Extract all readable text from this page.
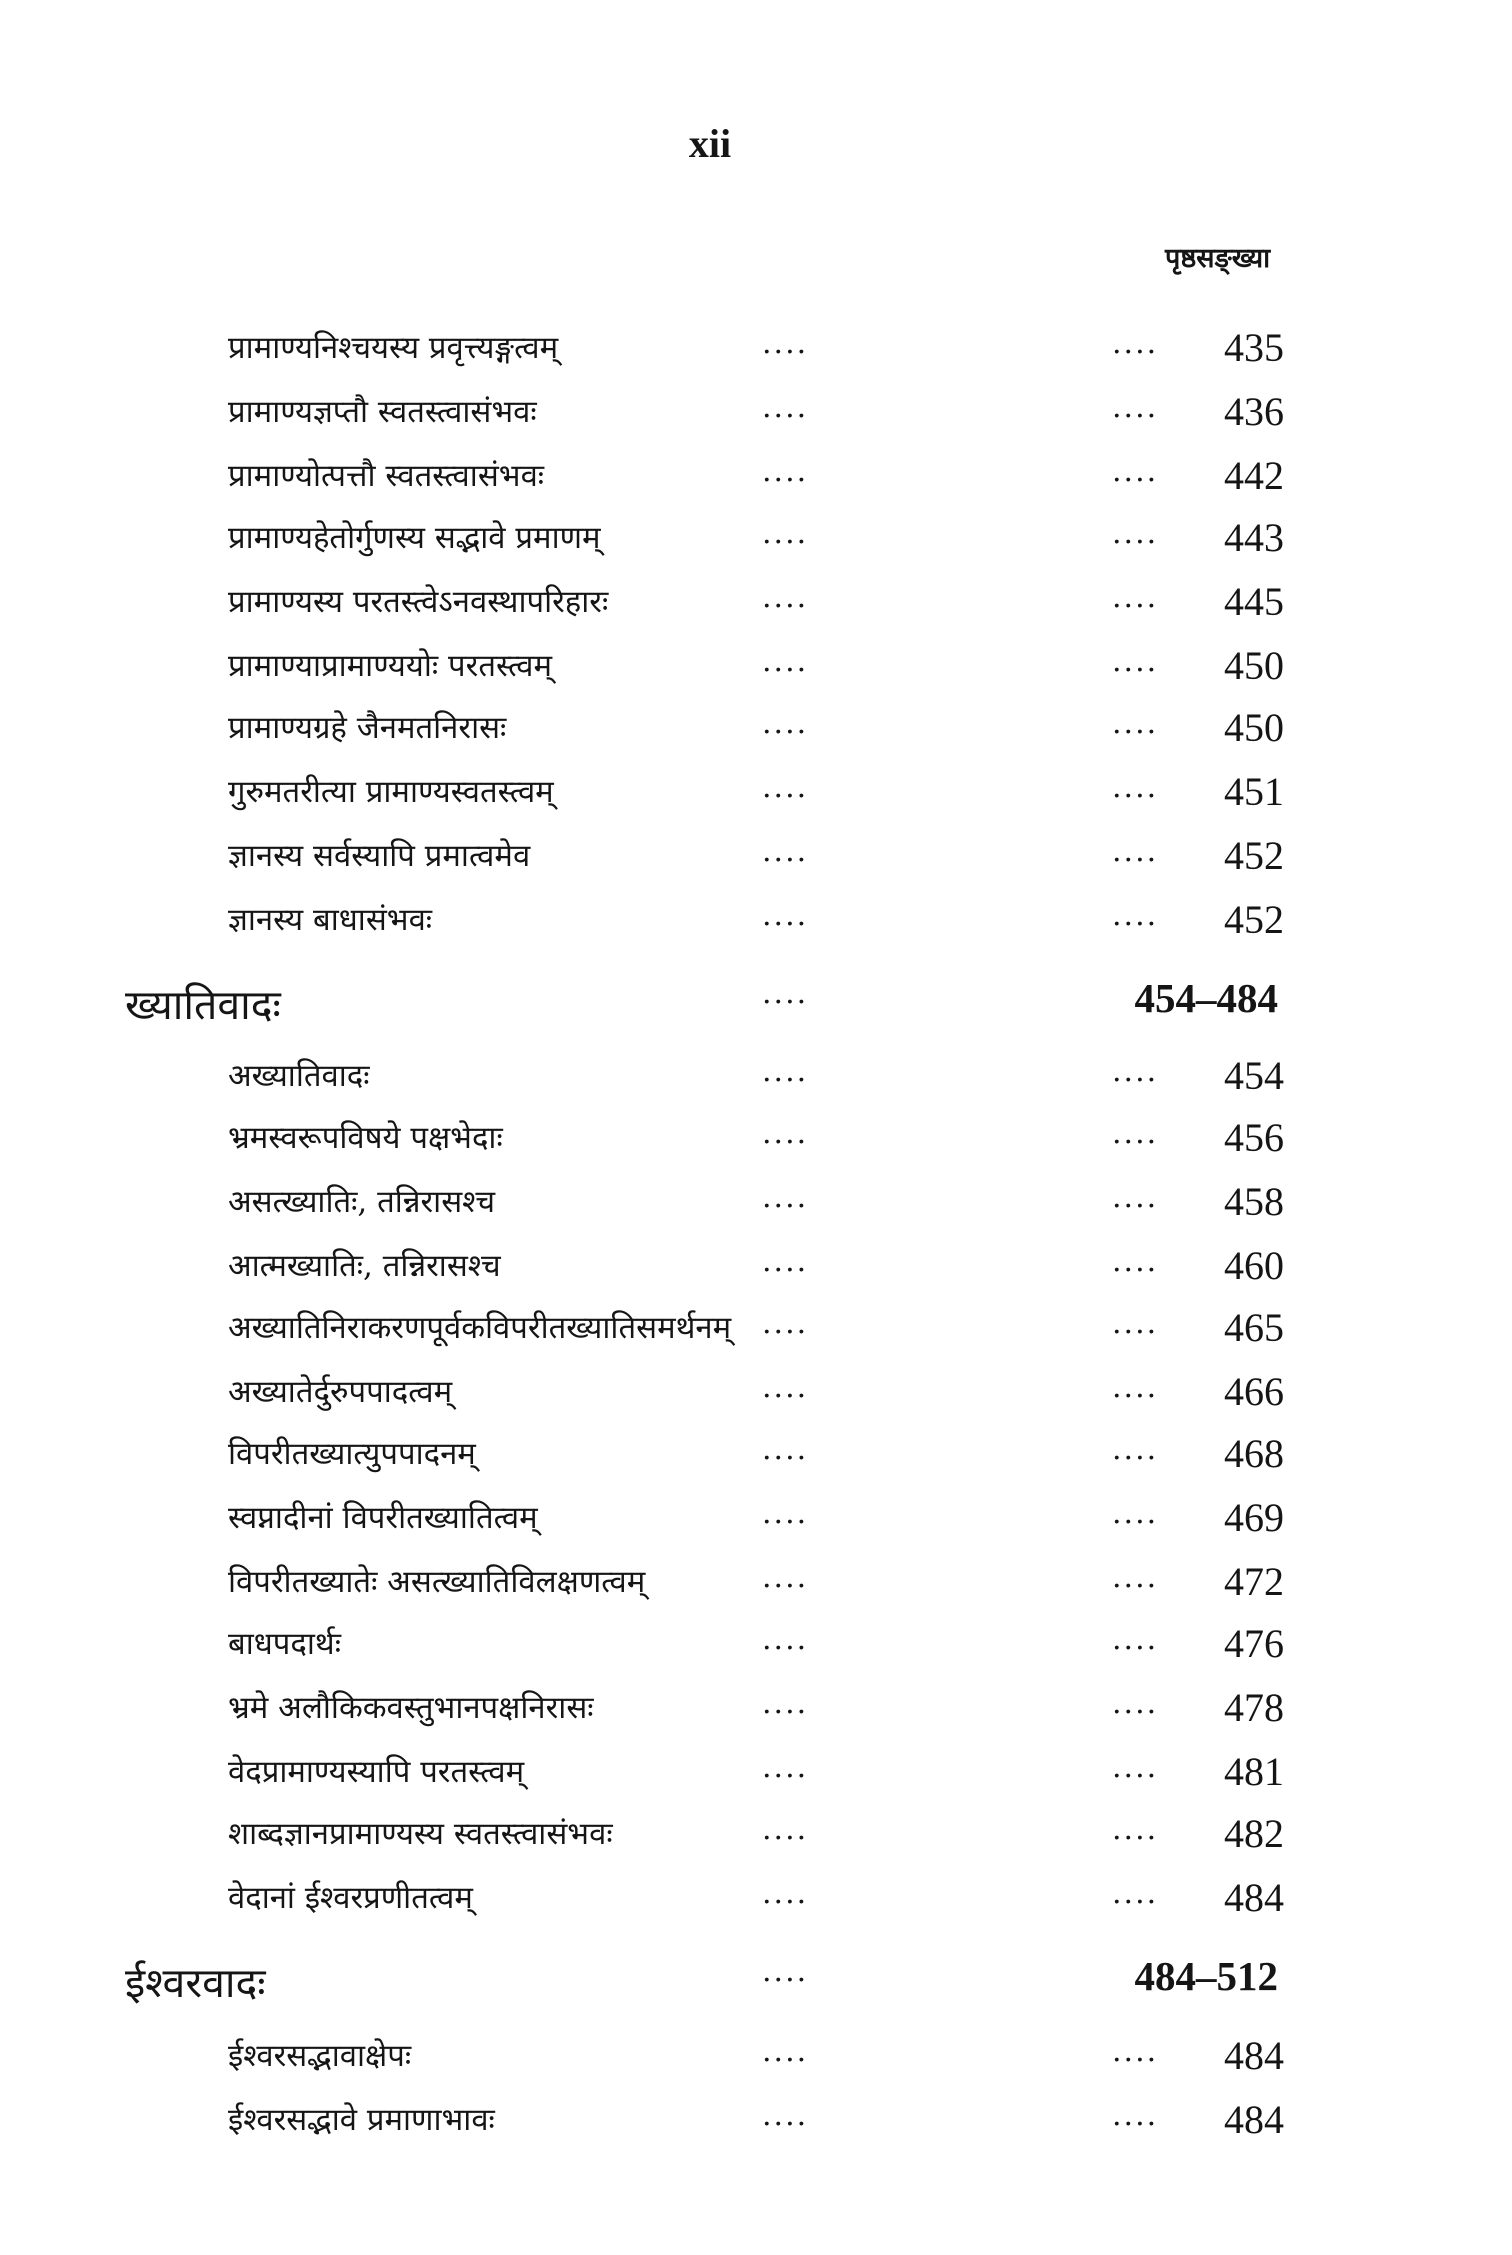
xii
पृष्ठसङ्ख्या
प्रामाण्यनिश्चयस्य प्रवृत्त्यङ्गत्वम्	....	.... 435
प्रामाण्यज्ञप्तौ स्वतस्त्वासंभवः	....	.... 436
प्रामाण्योत्पत्तौ स्वतस्त्वासंभवः	....	.... 442
प्रामाण्यहेतोर्गुणस्य सद्भावे प्रमाणम्	....	.... 443
प्रामाण्यस्य परतस्त्वेऽनवस्थापरिहारः	....	.... 445
प्रामाण्याप्रामाण्ययोः परतस्त्वम्	....	.... 450
प्रामाण्यग्रहे जैनमतनिरासः	....	.... 450
गुरुमतरीत्या प्रामाण्यस्वतस्त्वम्	....	.... 451
ज्ञानस्य सर्वस्यापि प्रमात्वमेव	....	.... 452
ज्ञानस्य बाधासंभवः	....	.... 452
ख्यातिवादः	....	454–484
अख्यातिवादः	....	.... 454
भ्रमस्वरूपविषये पक्षभेदाः	....	.... 456
असत्ख्यातिः, तन्निरासश्च	....	.... 458
आत्मख्यातिः, तन्निरासश्च	....	.... 460
अख्यातिनिराकरणपूर्वकविपरीतख्यातिसमर्थनम् ....	.... 465
अख्यातेर्दुरुपपादत्वम्	....	.... 466
विपरीतख्यात्युपपादनम्	....	.... 468
स्वप्नादीनां विपरीतख्यातित्वम्	....	.... 469
विपरीतख्यातेः असत्ख्यातिविलक्षणत्वम्	....	.... 472
बाधपदार्थः	....	.... 476
भ्रमे अलौकिकवस्तुभानपक्षनिरासः	....	.... 478
वेदप्रामाण्यस्यापि परतस्त्वम्	....	.... 481
शाब्दज्ञानप्रामाण्यस्य स्वतस्त्वासंभवः	....	.... 482
वेदानां ईश्वरप्रणीतत्वम्	....	.... 484
ईश्वरवादः	....	484–512
ईश्वरसद्भावाक्षेपः	....	.... 484
ईश्वरसद्भावे प्रमाणाभावः	....	.... 484
